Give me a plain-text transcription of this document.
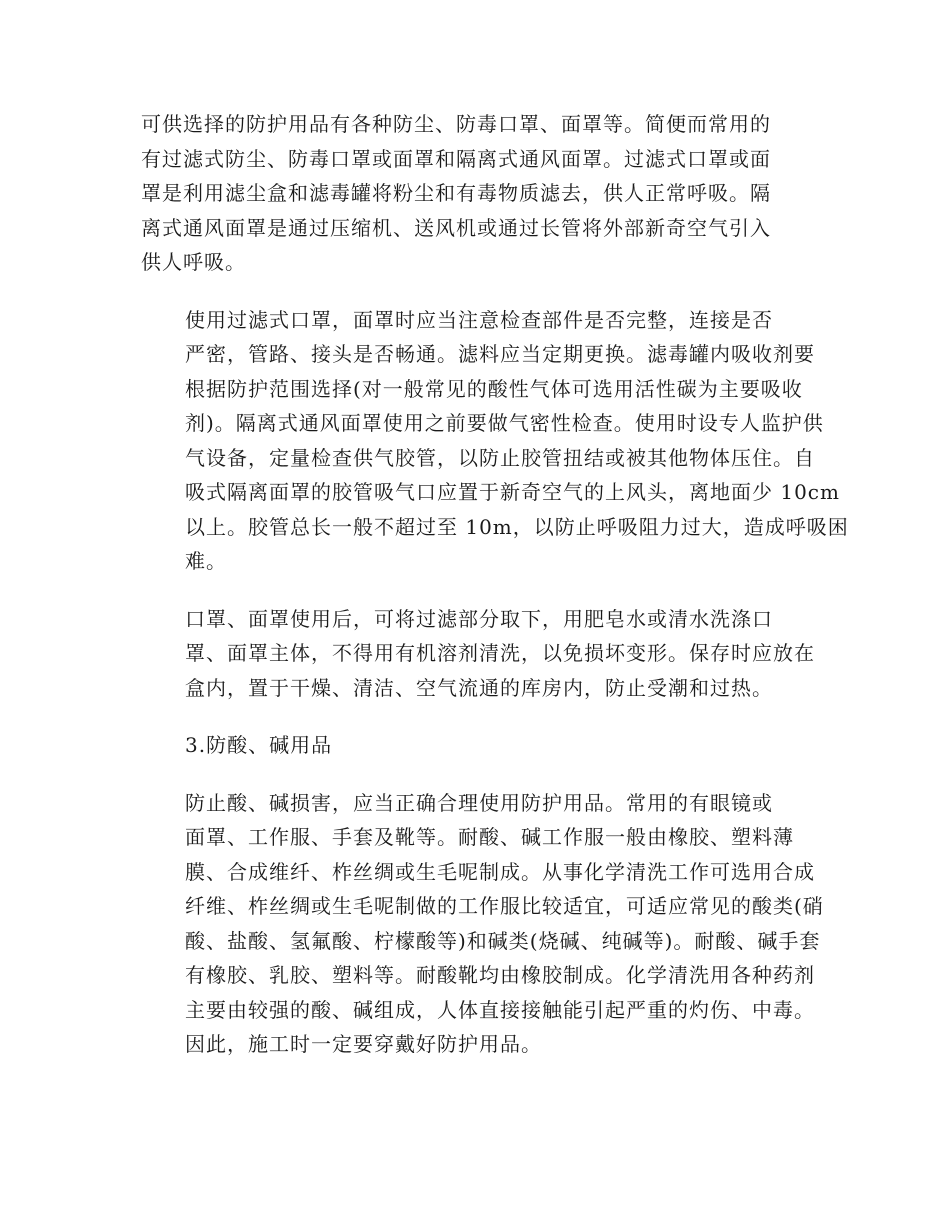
可供选择的防护用品有各种防尘、防毒口罩、面罩等。简便而常用的
有过滤式防尘、防毒口罩或面罩和隔离式通风面罩。过滤式口罩或面
罩是利用滤尘盒和滤毒罐将粉尘和有毒物质滤去，供人正常呼吸。隔
离式通风面罩是通过压缩机、送风机或通过长管将外部新奇空气引入
供人呼吸。
使用过滤式口罩，面罩时应当注意检查部件是否完整，连接是否
严密，管路、接头是否畅通。滤料应当定期更换。滤毒罐内吸收剂要
根据防护范围选择(对一般常见的酸性气体可选用活性碳为主要吸收
剂)。隔离式通风面罩使用之前要做气密性检查。使用时设专人监护供
气设备，定量检查供气胶管，以防止胶管扭结或被其他物体压住。自
吸式隔离面罩的胶管吸气口应置于新奇空气的上风头，离地面少 10cm
以上。胶管总长一般不超过至 10m，以防止呼吸阻力过大，造成呼吸困
难。
口罩、面罩使用后，可将过滤部分取下，用肥皂水或清水洗涤口
罩、面罩主体，不得用有机溶剂清洗，以免损坏变形。保存时应放在
盒内，置于干燥、清洁、空气流通的库房内，防止受潮和过热。
3.防酸、碱用品
防止酸、碱损害，应当正确合理使用防护用品。常用的有眼镜或
面罩、工作服、手套及靴等。耐酸、碱工作服一般由橡胶、塑料薄
膜、合成维纤、柞丝绸或生毛呢制成。从事化学清洗工作可选用合成
纤维、柞丝绸或生毛呢制做的工作服比较适宜，可适应常见的酸类(硝
酸、盐酸、氢氟酸、柠檬酸等)和碱类(烧碱、纯碱等)。耐酸、碱手套
有橡胶、乳胶、塑料等。耐酸靴均由橡胶制成。化学清洗用各种药剂
主要由较强的酸、碱组成，人体直接接触能引起严重的灼伤、中毒。
因此，施工时一定要穿戴好防护用品。
